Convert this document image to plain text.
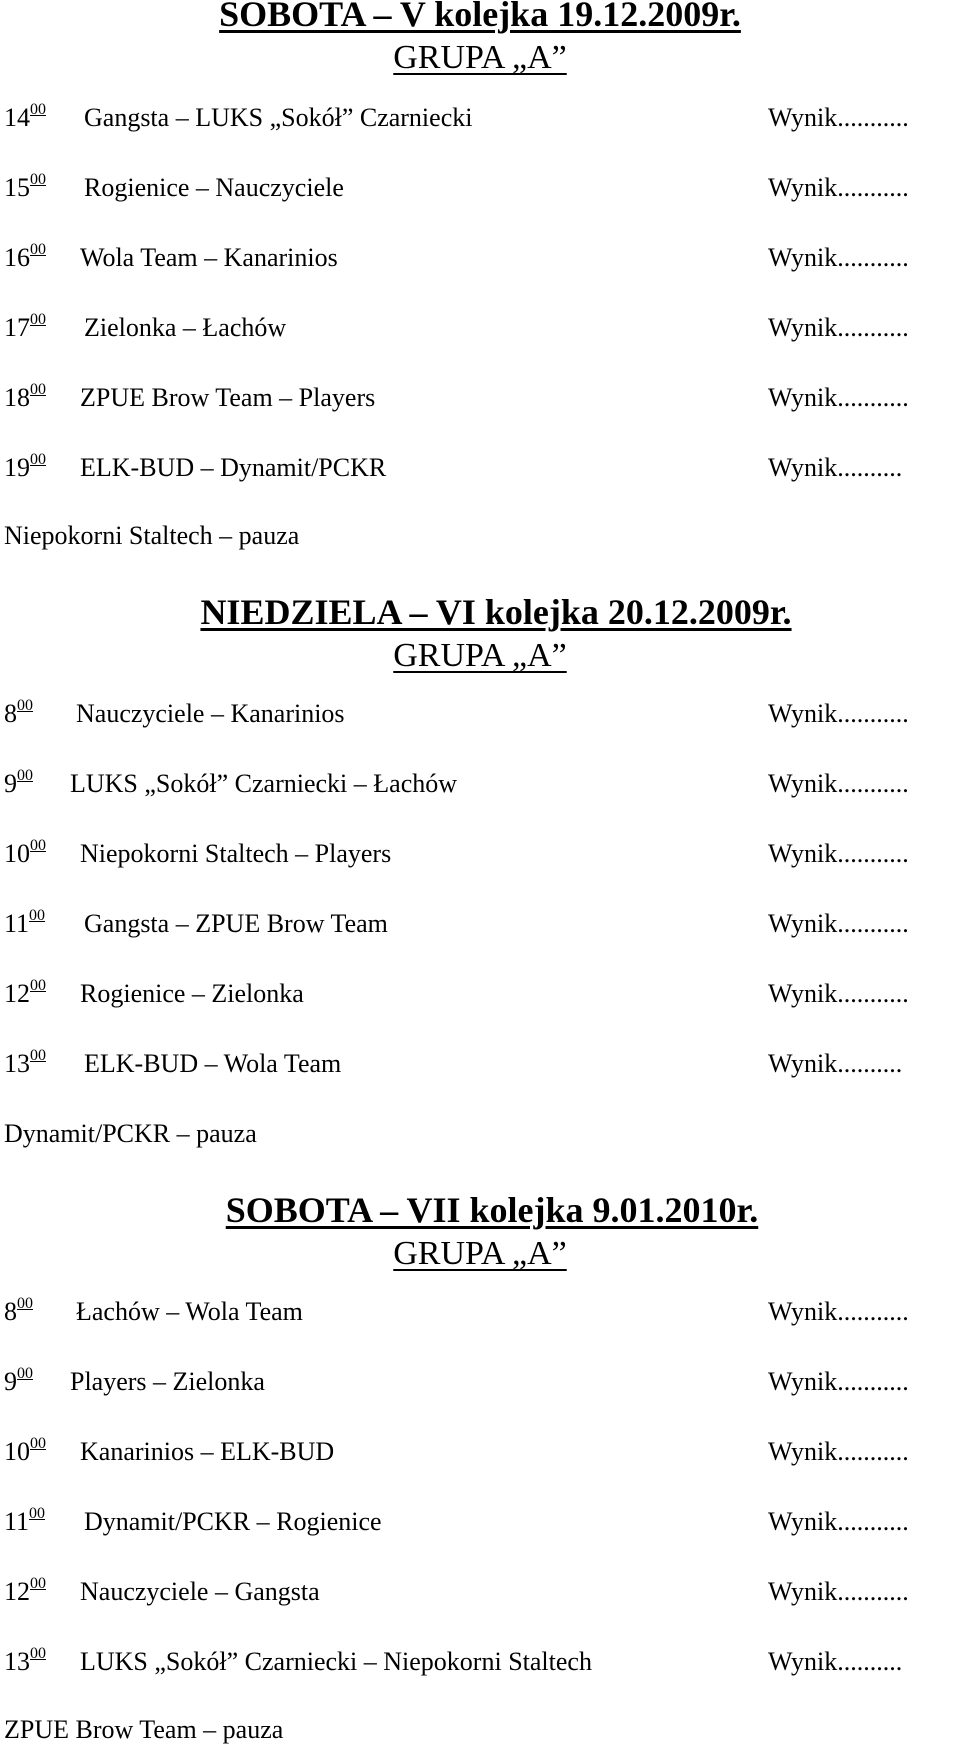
SOBOTA – V kolejka 19.12.2009r.
GRUPA „A”
$14^{00}$ Gangsta – LUKS „Sokół” Czarniecki	Wynik...........
$15^{00}$ Rogienice – Nauczyciele	Wynik...........
$16^{00}$ Wola Team – Kanarinios	Wynik...........
$17^{00}$ Zielonka – Łachów	Wynik...........
$18^{00}$ ZPUE Brow Team – Players	Wynik...........
$19^{00}$ ELK-BUD – Dynamit/PCKR	Wynik..........
Niepokorni Staltech – pauza
NIEDZIELA – VI kolejka 20.12.2009r.
GRUPA „A”
$8^{00}$ Nauczyciele – Kanarinios	Wynik...........
$9^{00}$ LUKS „Sokół” Czarniecki – Łachów	Wynik...........
$10^{00}$ Niepokorni Staltech – Players	Wynik...........
$11^{00}$ Gangsta – ZPUE Brow Team	Wynik...........
$12^{00}$ Rogienice – Zielonka	Wynik...........
$13^{00}$ ELK-BUD – Wola Team	Wynik..........
Dynamit/PCKR – pauza
SOBOTA – VII kolejka 9.01.2010r.
GRUPA „A”
$8^{00}$ Łachów – Wola Team	Wynik...........
$9^{00}$ Players – Zielonka	Wynik...........
$10^{00}$ Kanarinios – ELK-BUD	Wynik...........
$11^{00}$ Dynamit/PCKR – Rogienice	Wynik...........
$12^{00}$ Nauczyciele – Gangsta	Wynik...........
$13^{00}$ LUKS „Sokół” Czarniecki – Niepokorni Staltech	Wynik..........
ZPUE Brow Team – pauza
